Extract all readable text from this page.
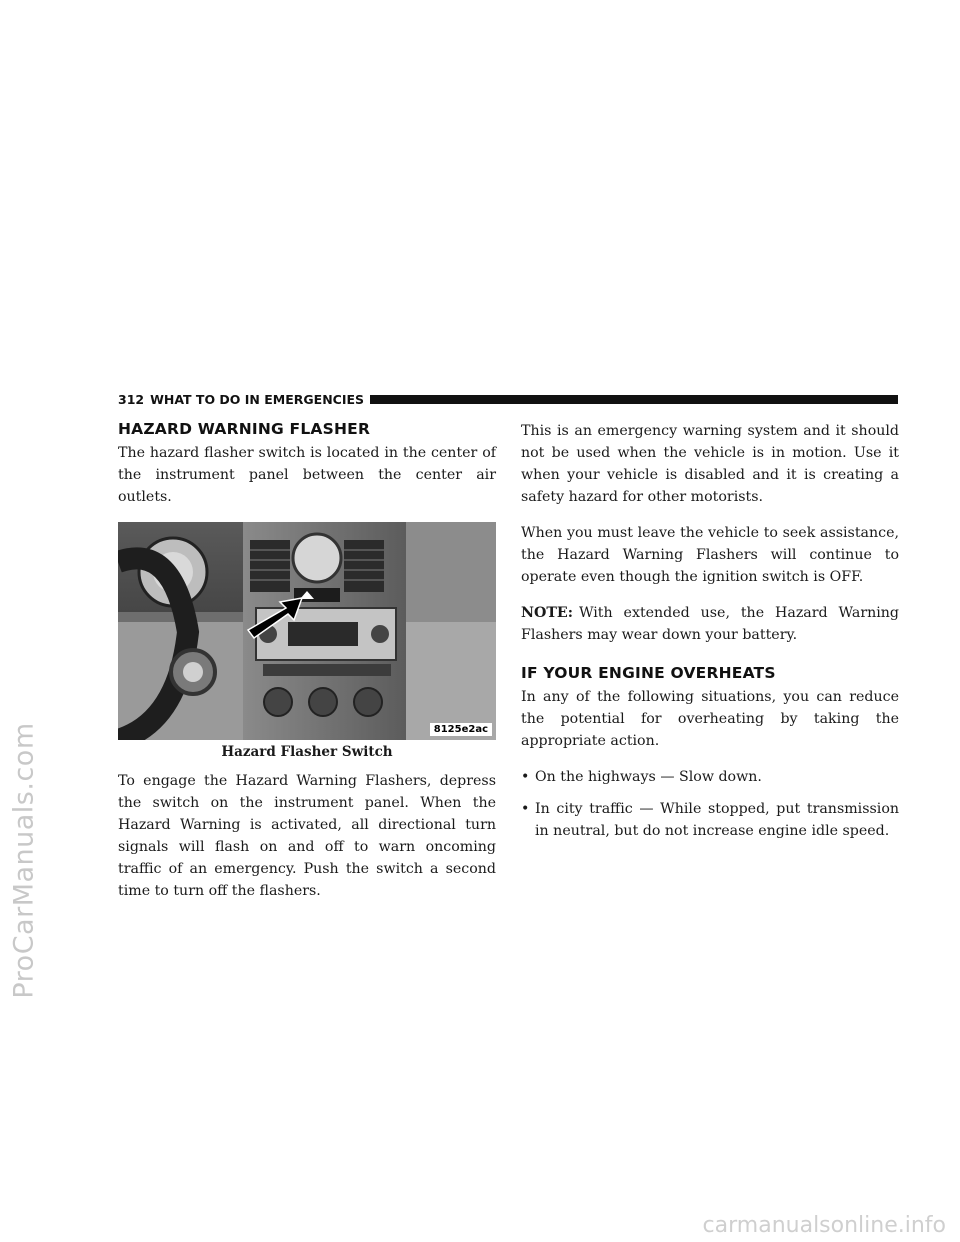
ProCarManuals.com
312 WHAT TO DO IN EMERGENCIES
HAZARD WARNING FLASHER

The hazard flasher switch is located in the center of the instrument panel between the center air outlets.

8125e2ac
Hazard Flasher Switch

To engage the Hazard Warning Flashers, depress the switch on the instrument panel. When the Hazard Warning is activated, all directional turn signals will flash on and off to warn oncoming traffic of an emergency. Push the switch a second time to turn off the flashers.

This is an emergency warning system and it should not be used when the vehicle is in motion. Use it when your vehicle is disabled and it is creating a safety hazard for other motorists.

When you must leave the vehicle to seek assistance, the Hazard Warning Flashers will continue to operate even though the ignition switch is OFF.

NOTE: With extended use, the Hazard Warning Flashers may wear down your battery.

IF YOUR ENGINE OVERHEATS

In any of the following situations, you can reduce the potential for overheating by taking the appropriate action.

• On the highways — Slow down.
• In city traffic — While stopped, put transmission in neutral, but do not increase engine idle speed.
carmanualsonline.info
